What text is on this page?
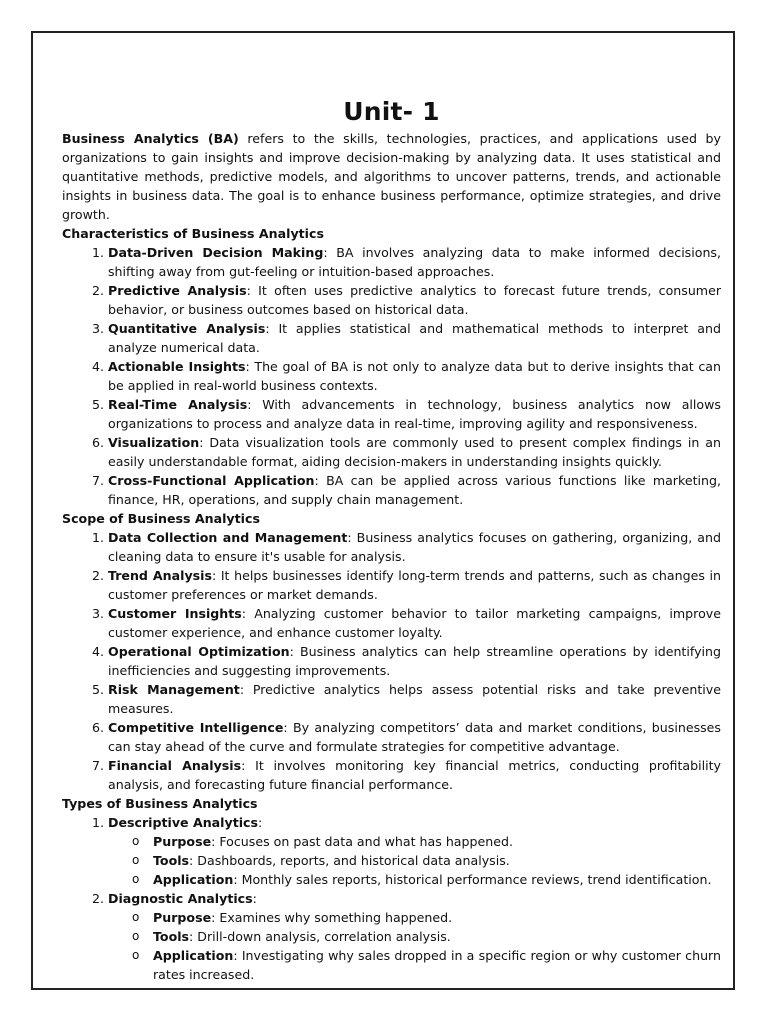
Unit- 1

Business Analytics (BA) refers to the skills, technologies, practices, and applications used by organizations to gain insights and improve decision-making by analyzing data. It uses statistical and quantitative methods, predictive models, and algorithms to uncover patterns, trends, and actionable insights in business data. The goal is to enhance business performance, optimize strategies, and drive growth.

Characteristics of Business Analytics

1. Data-Driven Decision Making: BA involves analyzing data to make informed decisions, shifting away from gut-feeling or intuition-based approaches.
2. Predictive Analysis: It often uses predictive analytics to forecast future trends, consumer behavior, or business outcomes based on historical data.
3. Quantitative Analysis: It applies statistical and mathematical methods to interpret and analyze numerical data.
4. Actionable Insights: The goal of BA is not only to analyze data but to derive insights that can be applied in real-world business contexts.
5. Real-Time Analysis: With advancements in technology, business analytics now allows organizations to process and analyze data in real-time, improving agility and responsiveness.
6. Visualization: Data visualization tools are commonly used to present complex findings in an easily understandable format, aiding decision-makers in understanding insights quickly.
7. Cross-Functional Application: BA can be applied across various functions like marketing, finance, HR, operations, and supply chain management.

Scope of Business Analytics

1. Data Collection and Management: Business analytics focuses on gathering, organizing, and cleaning data to ensure it's usable for analysis.
2. Trend Analysis: It helps businesses identify long-term trends and patterns, such as changes in customer preferences or market demands.
3. Customer Insights: Analyzing customer behavior to tailor marketing campaigns, improve customer experience, and enhance customer loyalty.
4. Operational Optimization: Business analytics can help streamline operations by identifying inefficiencies and suggesting improvements.
5. Risk Management: Predictive analytics helps assess potential risks and take preventive measures.
6. Competitive Intelligence: By analyzing competitors’ data and market conditions, businesses can stay ahead of the curve and formulate strategies for competitive advantage.
7. Financial Analysis: It involves monitoring key financial metrics, conducting profitability analysis, and forecasting future financial performance.

Types of Business Analytics

1. Descriptive Analytics:
o Purpose: Focuses on past data and what has happened.
o Tools: Dashboards, reports, and historical data analysis.
o Application: Monthly sales reports, historical performance reviews, trend identification.
2. Diagnostic Analytics:
o Purpose: Examines why something happened.
o Tools: Drill-down analysis, correlation analysis.
o Application: Investigating why sales dropped in a specific region or why customer churn rates increased.
